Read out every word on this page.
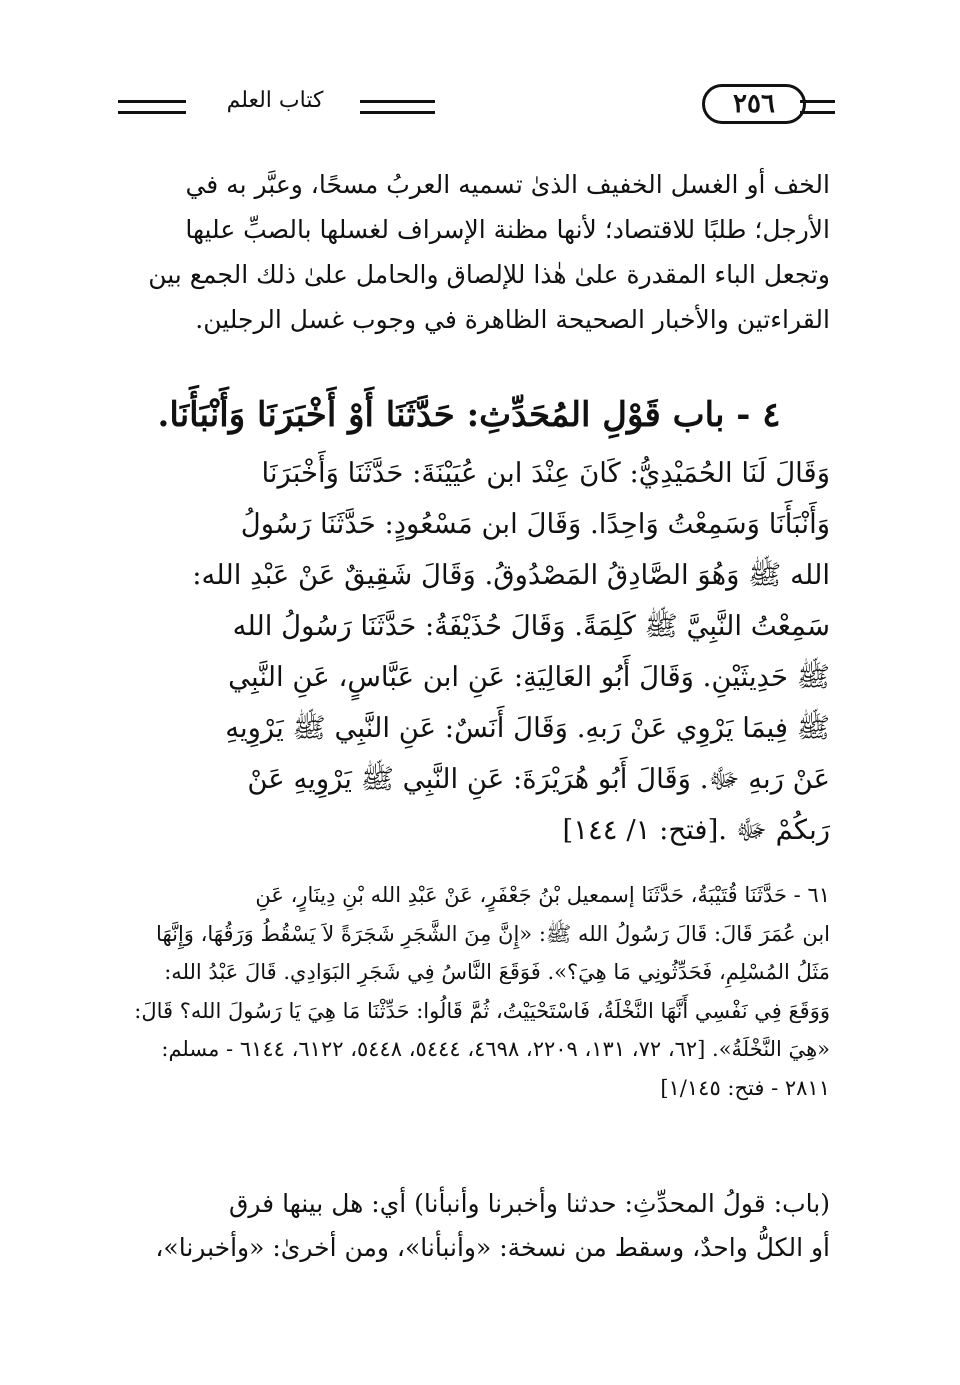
كتاب العلم	٢٥٦
الخف أو الغسل الخفيف الذىٰ تسميه العربُ مسحًا، وعبَّر به في
الأرجل؛ طلبًا للاقتصاد؛ لأنها مظنة الإسراف لغسلها بالصبِّ عليها
وتجعل الباء المقدرة علىٰ هٰذا للإلصاق والحامل علىٰ ذلك الجمع بين
القراءتين والأخبار الصحيحة الظاهرة في وجوب غسل الرجلين.
٤ - باب قَوْلِ المُحَدِّثِ: حَدَّثَنَا أَوْ أَخْبَرَنَا وَأَنْبَأَنَا.
وَقَالَ لَنَا الحُمَيْدِيُّ: كَانَ عِنْدَ ابن عُيَيْنَةَ: حَدَّثَنَا وَأَخْبَرَنَا
وَأَنْبَأَنَا وَسَمِعْتُ وَاحِدًا. وَقَالَ ابن مَسْعُودٍ: حَدَّثَنَا رَسُولُ
الله ﷺ وَهُوَ الصَّادِقُ المَصْدُوقُ. وَقَالَ شَقِيقٌ عَنْ عَبْدِ الله:
سَمِعْتُ النَّبِيَّ ﷺ كَلِمَةً. وَقَالَ حُذَيْفَةُ: حَدَّثَنَا رَسُولُ الله
ﷺ حَدِيثَيْنِ. وَقَالَ أَبُو العَالِيَةِ: عَنِ ابن عَبَّاسٍ، عَنِ النَّبِي
ﷺ فِيمَا يَرْوِي عَنْ رَبهِ. وَقَالَ أَنَسٌ: عَنِ النَّبِي ﷺ يَرْوِيهِ
عَنْ رَبهِ ﷻ. وَقَالَ أَبُو هُرَيْرَةَ: عَنِ النَّبِي ﷺ يَرْوِيهِ عَنْ
رَبكُمْ ﷻ .[فتح: ١/ ١٤٤]
٦١ - حَدَّثَنَا قُتَيْبَةُ، حَدَّثَنَا إسمعيل بْنُ جَعْفَرٍ، عَنْ عَبْدِ الله بْنِ دِينَارٍ، عَنِ
ابن عُمَرَ قَالَ: قَالَ رَسُولُ الله ﷺ: «إِنَّ مِنَ الشَّجَرِ شَجَرَةً لاَ يَسْقُطُ وَرَقُهَا، وَإِنَّهَا
مَثَلُ المُسْلِمِ، فَحَدِّثُونِي مَا هِيَ؟». فَوَقَعَ النَّاسُ فِي شَجَرِ البَوَادِي. قَالَ عَبْدُ الله:
وَوَقَعَ فِي نَفْسِي أَنَّهَا النَّخْلَةُ، فَاسْتَحْيَيْتُ، ثُمَّ قَالُوا: حَدِّثْنَا مَا هِيَ يَا رَسُولَ الله؟ قَالَ:
«هِيَ النَّخْلَةُ». [٦٢، ٧٢، ١٣١، ٢٢٠٩، ٤٦٩٨، ٥٤٤٤، ٥٤٤٨، ٦١٢٢، ٦١٤٤ - مسلم:
٢٨١١ - فتح: ١/١٤٥]
(باب: قولُ المحدِّثِ: حدثنا وأخبرنا وأنبأنا) أي: هل بينها فرق
أو الكلُّ واحدٌ، وسقط من نسخة: «وأنبأنا»، ومن أخرىٰ: «وأخبرنا»،
